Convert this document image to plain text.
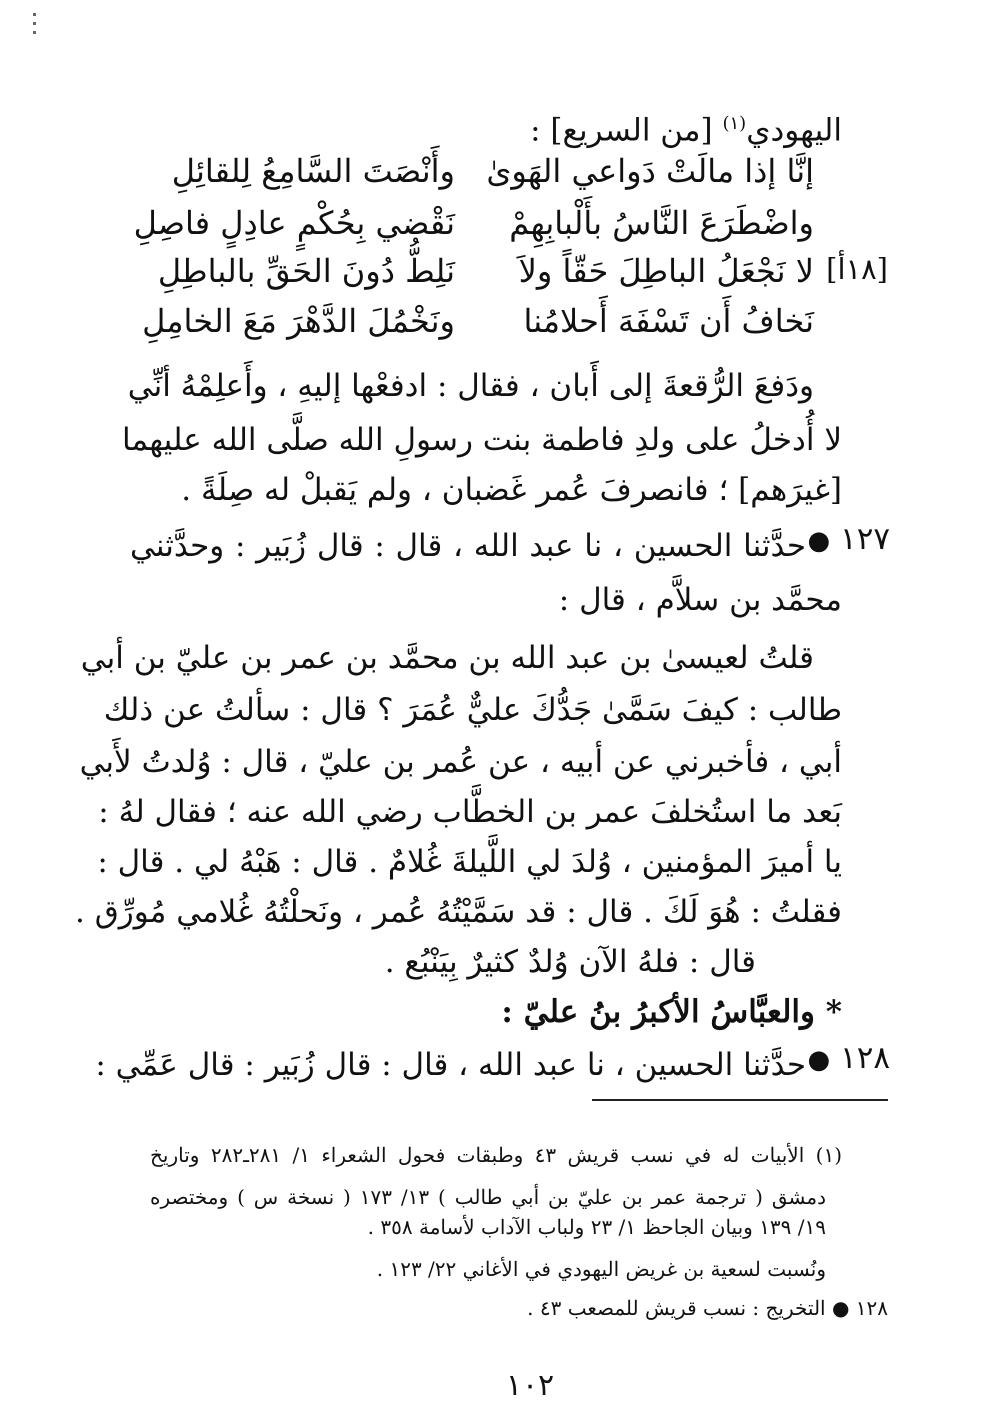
اليهودي$^{(١)}$ [من السريع] :
إنَّا إذا مالَتْ دَواعي الهَوىٰ
وأَنْصَتَ السَّامِعُ لِلقائِلِ
واضْطَرَعَ النَّاسُ بأَلْبابِهِمْ
نَقْضي بِحُكْمٍ عادِلٍ فاصِلِ
[١٨أ]
لا نَجْعَلُ الباطِلَ حَقّاً ولاَ
نَلِطُّ دُونَ الحَقِّ بالباطِلِ
نَخافُ أَن تَسْفَهَ أَحلامُنا
ونَخْمُلَ الدَّهْرَ مَعَ الخامِلِ
ودَفعَ الرُّقعةَ إلى أَبان ، فقال : ادفعْها إليهِ ، وأَعلِمْهُ أنِّي
لا أُدخلُ على ولدِ فاطمة بنت رسولِ الله صلَّى الله عليهما
[غيرَهم] ؛ فانصرفَ عُمر غَضبان ، ولم يَقبلْ له صِلَةً .
١٢٧ ●
حدَّثنا الحسين ، نا عبد الله ، قال : قال زُبَير : وحدَّثني
محمَّد بن سلاَّم ، قال :
قلتُ لعيسىٰ بن عبد الله بن محمَّد بن عمر بن عليّ بن أبي
طالب : كيفَ سَمَّىٰ جَدُّكَ عليٌّ عُمَرَ ؟ قال : سألتُ عن ذلك
أبي ، فأخبرني عن أبيه ، عن عُمر بن عليّ ، قال : وُلدتُ لأَبي
بَعد ما استُخلفَ عمر بن الخطَّاب رضي الله عنه ؛ فقال لهُ :
يا أميرَ المؤمنين ، وُلدَ لي اللَّيلةَ غُلامٌ . قال : هَبْهُ لي . قال :
فقلتُ : هُوَ لَكَ . قال : قد سَمَّيْتُهُ عُمر ، ونَحلْتُهُ غُلامي مُورِّق .
قال : فلهُ الآن وُلدٌ كثيرٌ بِيَنْبُع .
* والعبَّاسُ الأكبرُ بنُ عليّ :
١٢٨ ●
حدَّثنا الحسين ، نا عبد الله ، قال : قال زُبَير : قال عَمِّي :
(١) الأبيات له في نسب قريش ٤٣ وطبقات فحول الشعراء ١/ ٢٨١ـ٢٨٢ وتاريخ
دمشق ( ترجمة عمر بن عليّ بن أبي طالب ) ١٣/ ١٧٣ ( نسخة س ) ومختصره
١٩/ ١٣٩ وبيان الجاحظ ١/ ٢٣ ولباب الآداب لأسامة ٣٥٨ .
ونُسبت لسعية بن غريض اليهودي في الأغاني ٢٢/ ١٢٣ .
١٢٨ ● التخريج : نسب قريش للمصعب ٤٣ .
١٠٢
